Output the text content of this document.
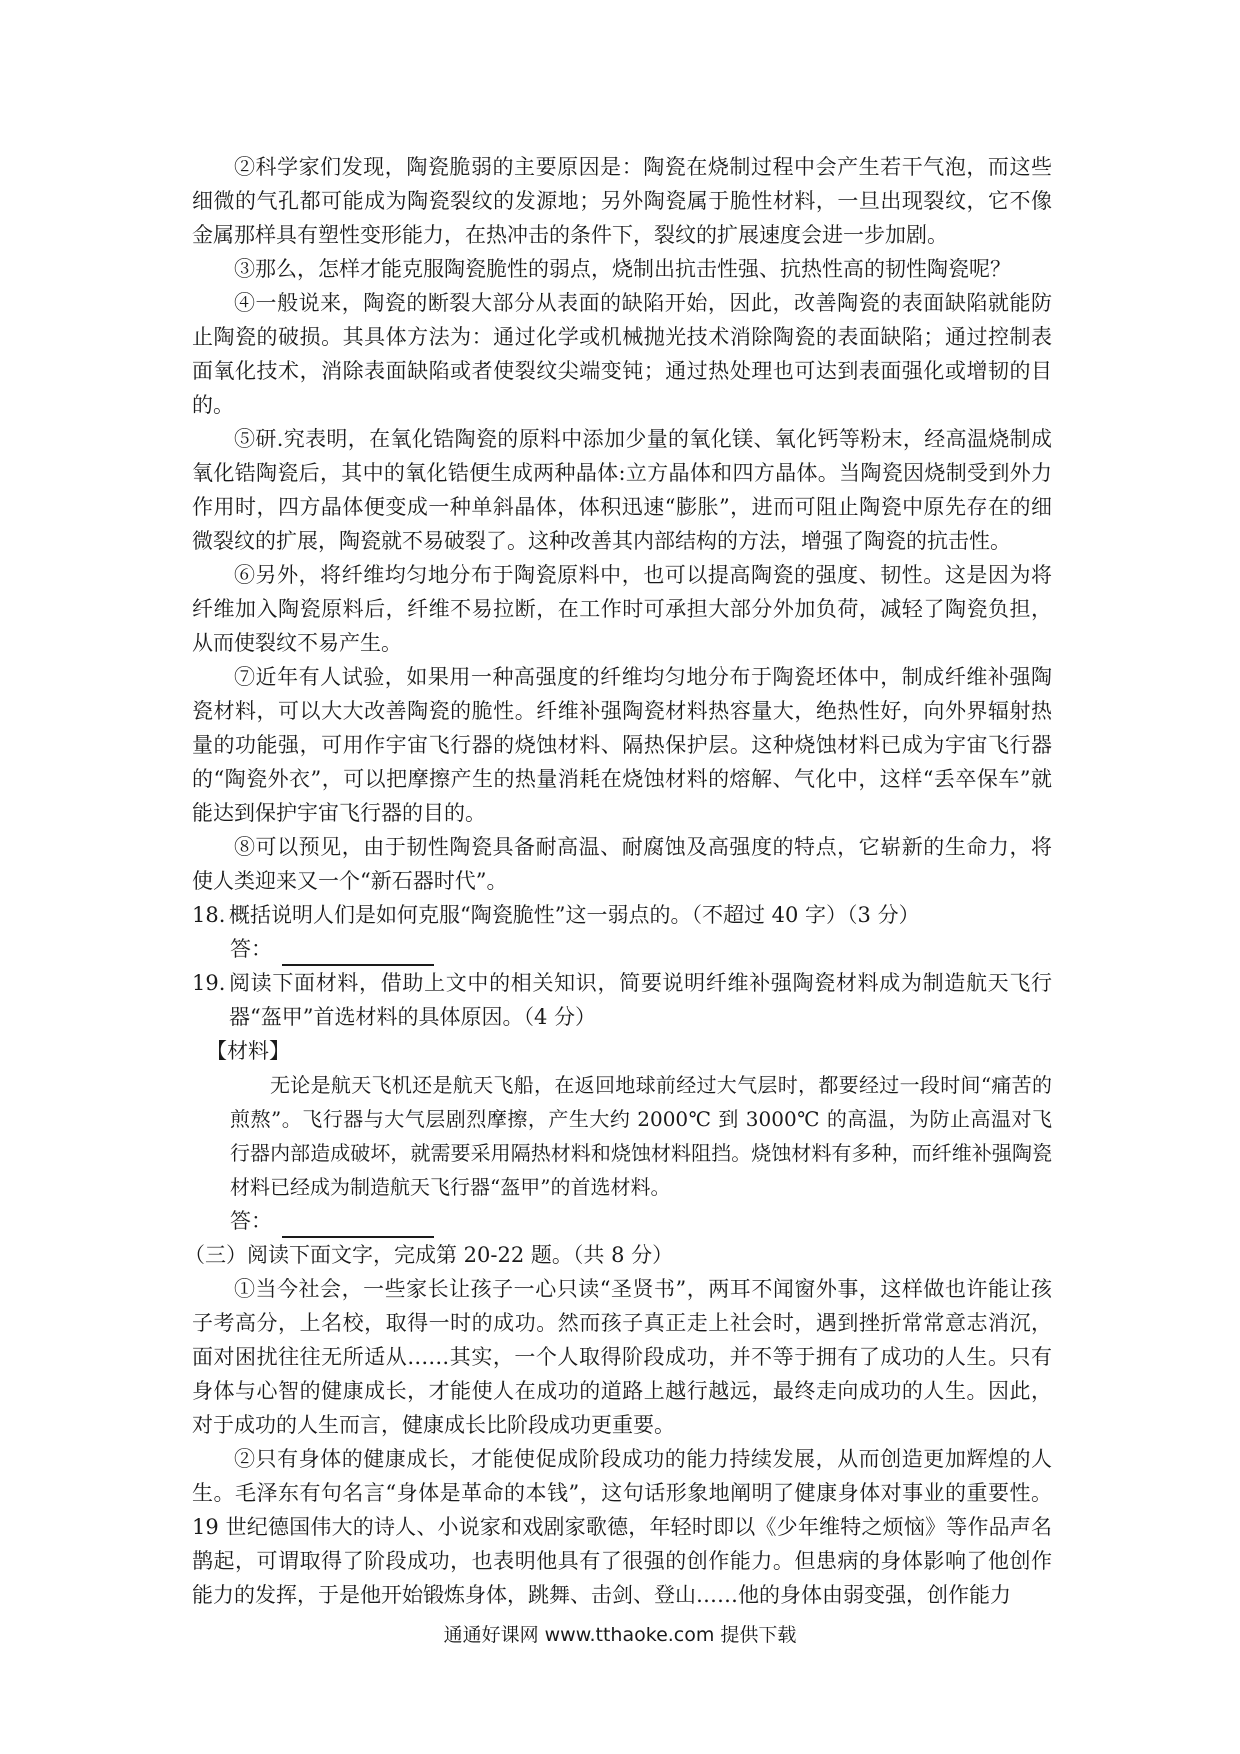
②科学家们发现，陶瓷脆弱的主要原因是：陶瓷在烧制过程中会产生若干气泡，而这些细微的气孔都可能成为陶瓷裂纹的发源地；另外陶瓷属于脆性材料，一旦出现裂纹，它不像金属那样具有塑性变形能力，在热冲击的条件下，裂纹的扩展速度会进一步加剧。

③那么，怎样才能克服陶瓷脆性的弱点，烧制出抗击性强、抗热性高的韧性陶瓷呢？

④一般说来，陶瓷的断裂大部分从表面的缺陷开始，因此，改善陶瓷的表面缺陷就能防止陶瓷的破损。其具体方法为：通过化学或机械抛光技术消除陶瓷的表面缺陷；通过控制表面氧化技术，消除表面缺陷或者使裂纹尖端变钝；通过热处理也可达到表面强化或增韧的目的。

⑤研.究表明，在氧化锆陶瓷的原料中添加少量的氧化镁、氧化钙等粉末，经高温烧制成氧化锆陶瓷后，其中的氧化锆便生成两种晶体:立方晶体和四方晶体。当陶瓷因烧制受到外力作用时，四方晶体便变成一种单斜晶体，体积迅速“膨胀”，进而可阻止陶瓷中原先存在的细微裂纹的扩展，陶瓷就不易破裂了。这种改善其内部结构的方法，增强了陶瓷的抗击性。

⑥另外，将纤维均匀地分布于陶瓷原料中，也可以提高陶瓷的强度、韧性。这是因为将纤维加入陶瓷原料后，纤维不易拉断，在工作时可承担大部分外加负荷，减轻了陶瓷负担，从而使裂纹不易产生。

⑦近年有人试验，如果用一种高强度的纤维均匀地分布于陶瓷坯体中，制成纤维补强陶瓷材料，可以大大改善陶瓷的脆性。纤维补强陶瓷材料热容量大，绝热性好，向外界辐射热量的功能强，可用作宇宙飞行器的烧蚀材料、隔热保护层。这种烧蚀材料已成为宇宙飞行器的“陶瓷外衣”，可以把摩擦产生的热量消耗在烧蚀材料的熔解、气化中，这样“丢卒保车”就能达到保护宇宙飞行器的目的。

⑧可以预见，由于韧性陶瓷具备耐高温、耐腐蚀及高强度的特点，它崭新的生命力，将使人类迎来又一个“新石器时代”。

18. 概括说明人们是如何克服“陶瓷脆性”这一弱点的。（不超过 40 字）（3 分）
答：
19. 阅读下面材料，借助上文中的相关知识，简要说明纤维补强陶瓷材料成为制造航天飞行器“盔甲”首选材料的具体原因。（4 分）

【材料】

无论是航天飞机还是航天飞船，在返回地球前经过大气层时，都要经过一段时间“痛苦的煎熬”。飞行器与大气层剧烈摩擦，产生大约 2000℃ 到 3000℃ 的高温，为防止高温对飞行器内部造成破坏，就需要采用隔热材料和烧蚀材料阻挡。烧蚀材料有多种，而纤维补强陶瓷材料已经成为制造航天飞行器“盔甲”的首选材料。

答：

（三）阅读下面文字，完成第 20-22 题。（共 8 分）

①当今社会，一些家长让孩子一心只读“圣贤书”，两耳不闻窗外事，这样做也许能让孩子考高分，上名校，取得一时的成功。然而孩子真正走上社会时，遇到挫折常常意志消沉，面对困扰往往无所适从……其实，一个人取得阶段成功，并不等于拥有了成功的人生。只有身体与心智的健康成长，才能使人在成功的道路上越行越远，最终走向成功的人生。因此，对于成功的人生而言，健康成长比阶段成功更重要。

②只有身体的健康成长，才能使促成阶段成功的能力持续发展，从而创造更加辉煌的人生。毛泽东有句名言“身体是革命的本钱”，这句话形象地阐明了健康身体对事业的重要性。19 世纪德国伟大的诗人、小说家和戏剧家歌德，年轻时即以《少年维特之烦恼》等作品声名鹊起，可谓取得了阶段成功，也表明他具有了很强的创作能力。但患病的身体影响了他创作能力的发挥，于是他开始锻炼身体，跳舞、击剑、登山……他的身体由弱变强，创作能力

通通好课网 www.tthaoke.com 提供下载
